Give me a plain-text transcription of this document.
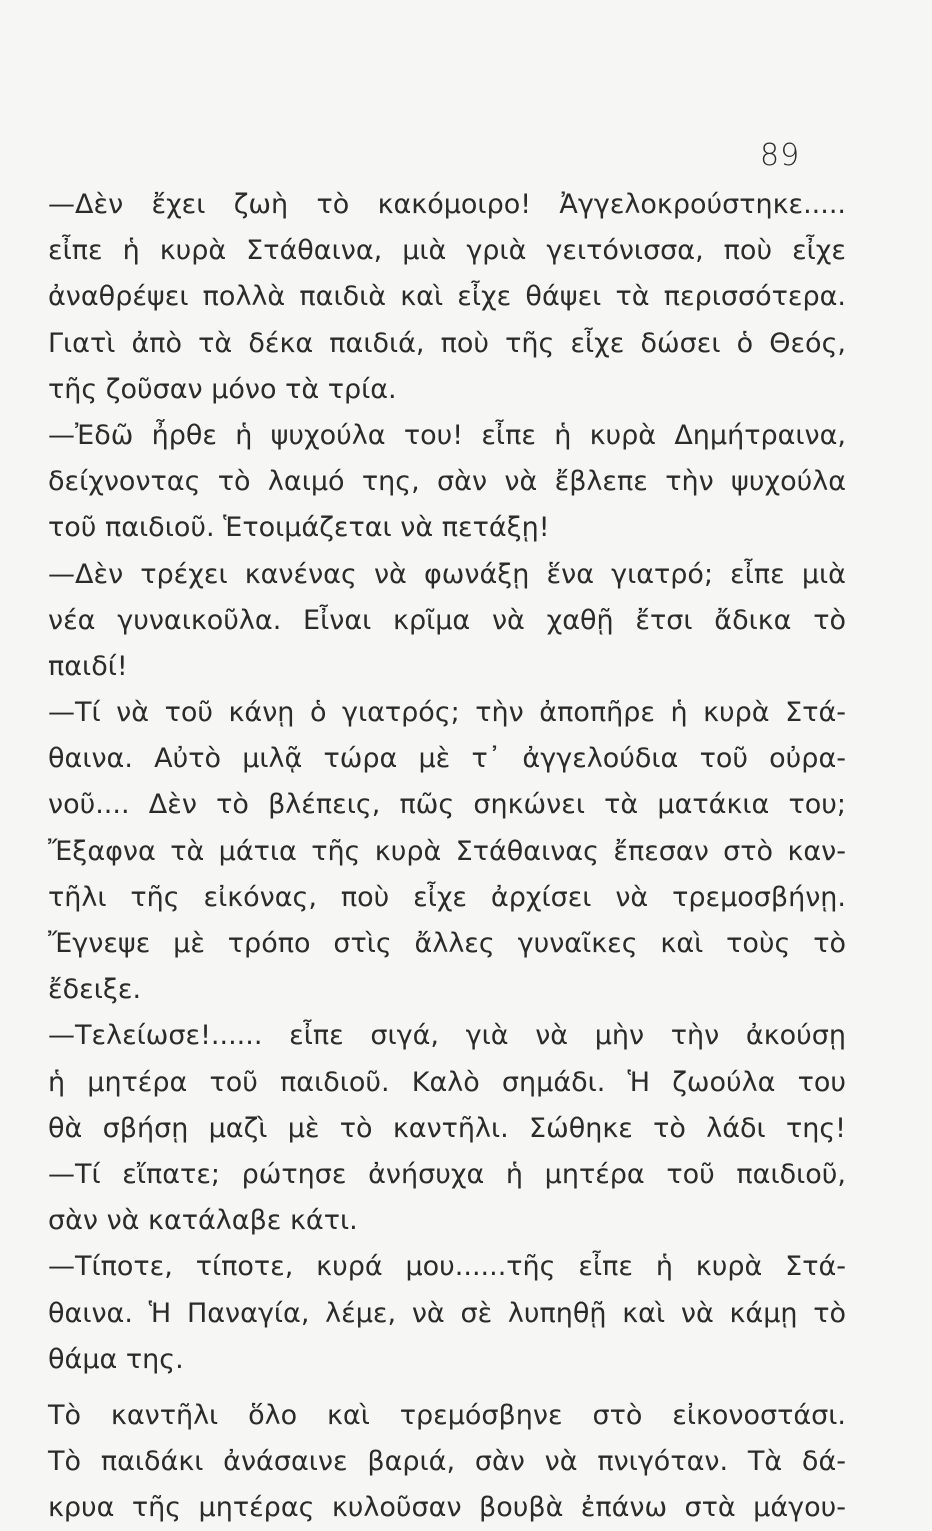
89
—Δὲν ἔχει ζωὴ τὸ κακόμοιρο! Ἀγγελοκρούστηκε.....
εἶπε ἡ κυρὰ Στάθαινα, μιὰ γριὰ γειτόνισσα, ποὺ εἶχε
ἀναθρέψει πολλὰ παιδιὰ καὶ εἶχε θάψει τὰ περισσότερα.
Γιατὶ ἀπὸ τὰ δέκα παιδιά, ποὺ τῆς εἶχε δώσει ὁ Θεός,
τῆς ζοῦσαν μόνο τὰ τρία.
—Ἐδῶ ἦρθε ἡ ψυχούλα του! εἶπε ἡ κυρὰ Δημήτραινα,
δείχνοντας τὸ λαιμό της, σὰν νὰ ἔβλεπε τὴν ψυχούλα
τοῦ παιδιοῦ. Ἑτοιμάζεται νὰ πετάξῃ!
—Δὲν τρέχει κανένας νὰ φωνάξῃ ἕνα γιατρό; εἶπε μιὰ
νέα γυναικοῦλα. Εἶναι κρῖμα νὰ χαθῇ ἔτσι ἄδικα τὸ
παιδί!
—Τί νὰ τοῦ κάνῃ ὁ γιατρός; τὴν ἀποπῆρε ἡ κυρὰ Στά-
θαινα. Αὐτὸ μιλᾷ τώρα μὲ τ᾿ ἀγγελούδια τοῦ οὐρα-
νοῦ.... Δὲν τὸ βλέπεις, πῶς σηκώνει τὰ ματάκια του;
Ἔξαφνα τὰ μάτια τῆς κυρὰ Στάθαινας ἔπεσαν στὸ καν-
τῆλι τῆς εἰκόνας, ποὺ εἶχε ἀρχίσει νὰ τρεμοσβήνῃ.
Ἔγνεψε μὲ τρόπο στὶς ἄλλες γυναῖκες καὶ τοὺς τὸ
ἔδειξε.
—Τελείωσε!...... εἶπε σιγά, γιὰ νὰ μὴν τὴν ἀκούσῃ
ἡ μητέρα τοῦ παιδιοῦ. Καλὸ σημάδι. Ἡ ζωούλα του
θὰ σβήσῃ μαζὶ μὲ τὸ καντῆλι. Σώθηκε τὸ λάδι της!
—Τί εἴπατε; ρώτησε ἀνήσυχα ἡ μητέρα τοῦ παιδιοῦ,
σὰν νὰ κατάλαβε κάτι.
—Τίποτε, τίποτε, κυρά μου......τῆς εἶπε ἡ κυρὰ Στά-
θαινα. Ἡ Παναγία, λέμε, νὰ σὲ λυπηθῇ καὶ νὰ κάμῃ τὸ
θάμα της.
Τὸ καντῆλι ὅλο καὶ τρεμόσβηνε στὸ εἰκονοστάσι.
Τὸ παιδάκι ἀνάσαινε βαριά, σὰν νὰ πνιγόταν. Τὰ δά-
κρυα τῆς μητέρας κυλοῦσαν βουβὰ ἐπάνω στὰ μάγου-
